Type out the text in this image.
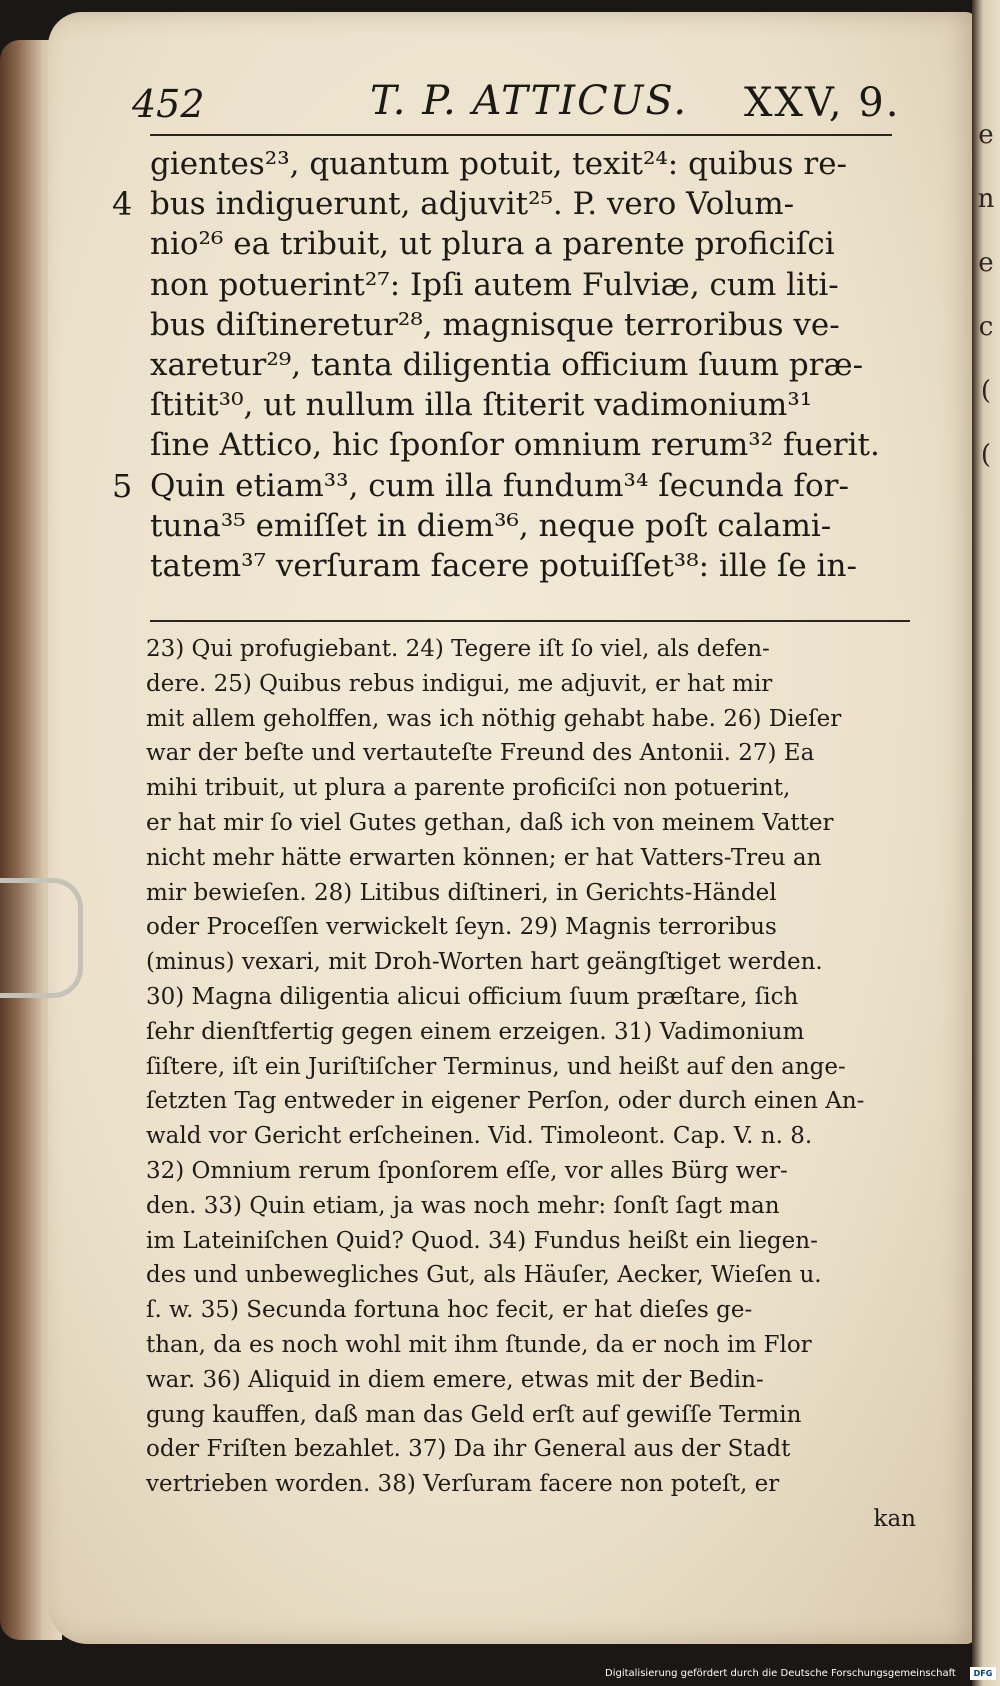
e
n
e
c
(
(
452	T. P. ATTICUS. XXV, 9.
4
5
gientes²³, quantum potuit, texit²⁴: quibus re-
bus indiguerunt, adjuvit²⁵. P. vero Volum-
nio²⁶ ea tribuit, ut plura a parente proficiſci
non potuerint²⁷: Ipſi autem Fulviæ, cum liti-
bus diſtineretur²⁸, magnisque terroribus ve-
xaretur²⁹, tanta diligentia officium ſuum præ-
ſtitit³⁰, ut nullum illa ſtiterit vadimonium³¹
ſine Attico, hic ſponſor omnium rerum³² fuerit.
Quin etiam³³, cum illa fundum³⁴ ſecunda for-
tuna³⁵ emiſſet in diem³⁶, neque poſt calami-
tatem³⁷ verſuram facere potuiſſet³⁸: ille ſe in-
23) Qui profugiebant. 24) Tegere iſt ſo viel, als defen-
dere. 25) Quibus rebus indigui, me adjuvit, er hat mir
mit allem geholffen, was ich nöthig gehabt habe. 26) Dieſer
war der beſte und vertauteſte Freund des Antonii. 27) Ea
mihi tribuit, ut plura a parente proficiſci non potuerint,
er hat mir ſo viel Gutes gethan, daß ich von meinem Vatter
nicht mehr hätte erwarten können; er hat Vatters-Treu an
mir bewieſen. 28) Litibus diſtineri, in Gerichts-Händel
oder Proceſſen verwickelt ſeyn. 29) Magnis terroribus
(minus) vexari, mit Droh-Worten hart geängſtiget werden.
30) Magna diligentia alicui officium ſuum præſtare, ſich
ſehr dienſtfertig gegen einem erzeigen. 31) Vadimonium
ſiſtere, iſt ein Juriſtiſcher Terminus, und heißt auf den ange-
ſetzten Tag entweder in eigener Perſon, oder durch einen An-
wald vor Gericht erſcheinen. Vid. Timoleont. Cap. V. n. 8.
32) Omnium rerum ſponſorem eſſe, vor alles Bürg wer-
den. 33) Quin etiam, ja was noch mehr: ſonſt ſagt man
im Lateiniſchen Quid? Quod. 34) Fundus heißt ein liegen-
des und unbewegliches Gut, als Häuſer, Aecker, Wieſen u.
ſ. w. 35) Secunda fortuna hoc fecit, er hat dieſes ge-
than, da es noch wohl mit ihm ſtunde, da er noch im Flor
war. 36) Aliquid in diem emere, etwas mit der Bedin-
gung kauffen, daß man das Geld erſt auf gewiſſe Termin
oder Friſten bezahlet. 37) Da ihr General aus der Stadt
vertrieben worden. 38) Verſuram facere non poteſt, er
kan
Digitalisierung gefördert durch die Deutsche Forschungsgemeinschaft	DFG
